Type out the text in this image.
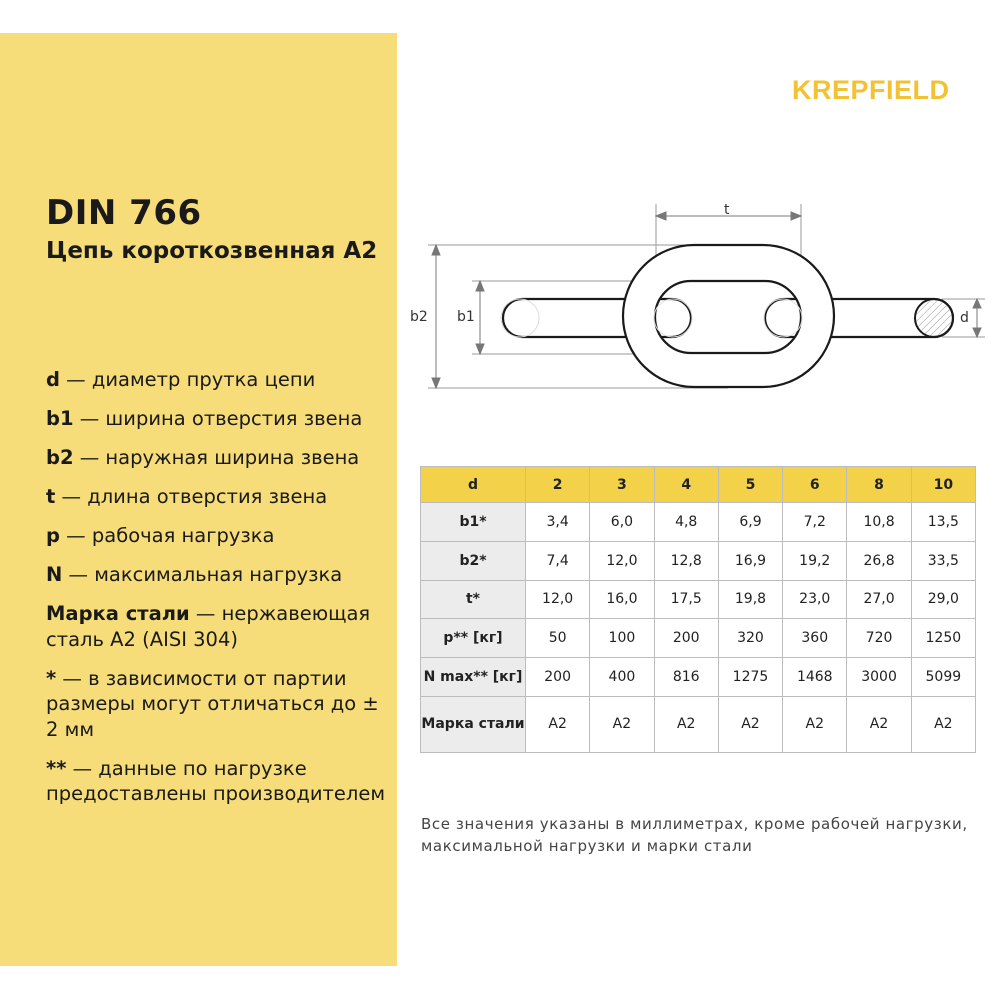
DIN 766
Цепь короткозвенная А2
d — диаметр прутка цепи
b1 — ширина отверстия звена
b2 — наружная ширина звена
t — длина отверстия звена
p — рабочая нагрузка
N — максимальная нагрузка
Марка стали — нержавеющая сталь А2 (AISI 304)
* — в зависимости от партии размеры могут отличаться до ± 2 мм
** — данные по нагрузке предоставлены производителем
KREPFIELD
t
b2 b1	d
d	2	3	4	5	6	8	10
b1*	3,4	6,0	4,8	6,9	7,2	10,8	13,5
b2*	7,4	12,0	12,8	16,9	19,2	26,8	33,5
t*	12,0	16,0	17,5	19,8	23,0	27,0	29,0
p** [кг]	50	100	200	320	360	720	1250
N max** [кг]	200	400	816	1275	1468	3000	5099
Марка стали	А2	А2	А2	А2	А2	А2	А2
Все значения указаны в миллиметрах, кроме рабочей нагрузки, максимальной нагрузки и марки стали
